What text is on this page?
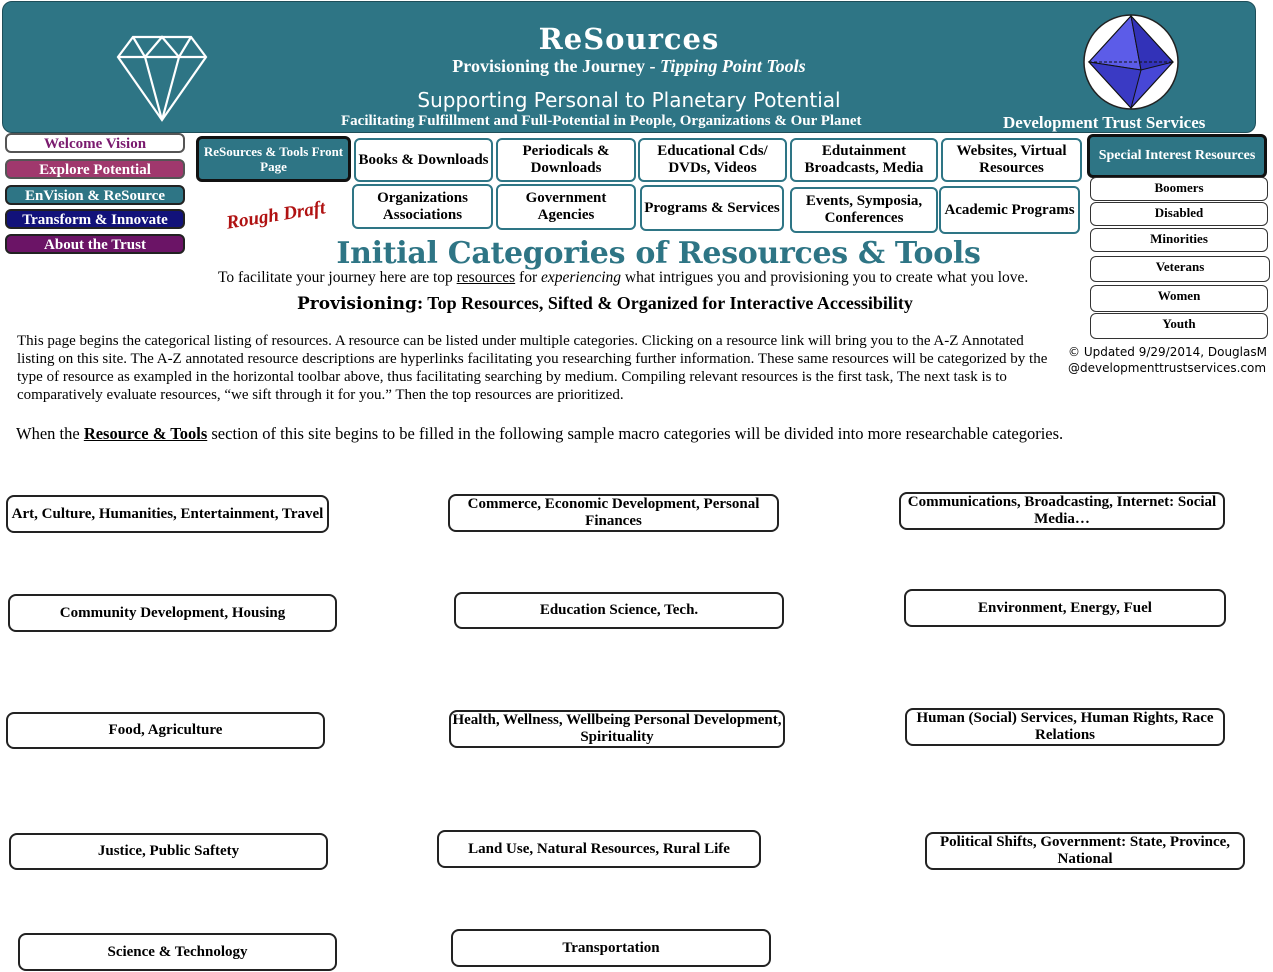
ReSources
Provisioning the Journey - Tipping Point Tools
Supporting Personal to Planetary Potential
Facilitating Fulfillment and Full-Potential in People, Organizations & Our Planet	Development Trust Services
Welcome Vision
Explore Potential
EnVision & ReSource
Transform & Innovate
About the Trust
Rough Draft
ReSources & Tools Front Page	Books & Downloads
Periodicals & Downloads
Educational Cds/ DVDs, Videos
Edutainment Broadcasts, Media
Websites, Virtual Resources
Organizations Associations
Government Agencies	Programs & Services	Events, Symposia, Conferences
Academic Programs
Special Interest Resources
Boomers
Disabled
Minorities
Veterans
Women
Youth
Initial Categories of Resources & Tools
To facilitate your journey here are top resources for experiencing what intrigues you and provisioning you to create what you love.
Provisioning: Top Resources, Sifted & Organized for Interactive Accessibility
© Updated 9/29/2014, DouglasM
@developmenttrustservices.com
This page begins the categorical listing of resources. A resource can be listed under multiple categories. Clicking on a resource link will bring you to the A-Z Annotated listing on this site. The A-Z annotated resource descriptions are hyperlinks facilitating you researching further information. These same resources will be categorized by the type of resource as exampled in the horizontal toolbar above, thus facilitating searching by medium. Compiling relevant resources is the first task, The next task is to comparatively evaluate resources, “we sift through it for you.” Then the top resources are prioritized.
When the Resource & Tools section of this site begins to be filled in the following sample macro categories will be divided into more researchable categories.
Art, Culture, Humanities, Entertainment, Travel
Commerce, Economic Development, Personal Finances
Communications, Broadcasting, Internet: Social Media…
Community Development, Housing	Education Science, Tech.	Environment, Energy, Fuel
Food, Agriculture
Health, Wellness, Wellbeing Personal Development, Spirituality
Human (Social) Services, Human Rights, Race Relations
Justice, Public Saftety	Land Use, Natural Resources, Rural Life	Political Shifts, Government: State, Province, National
Science & Technology	Transportation
